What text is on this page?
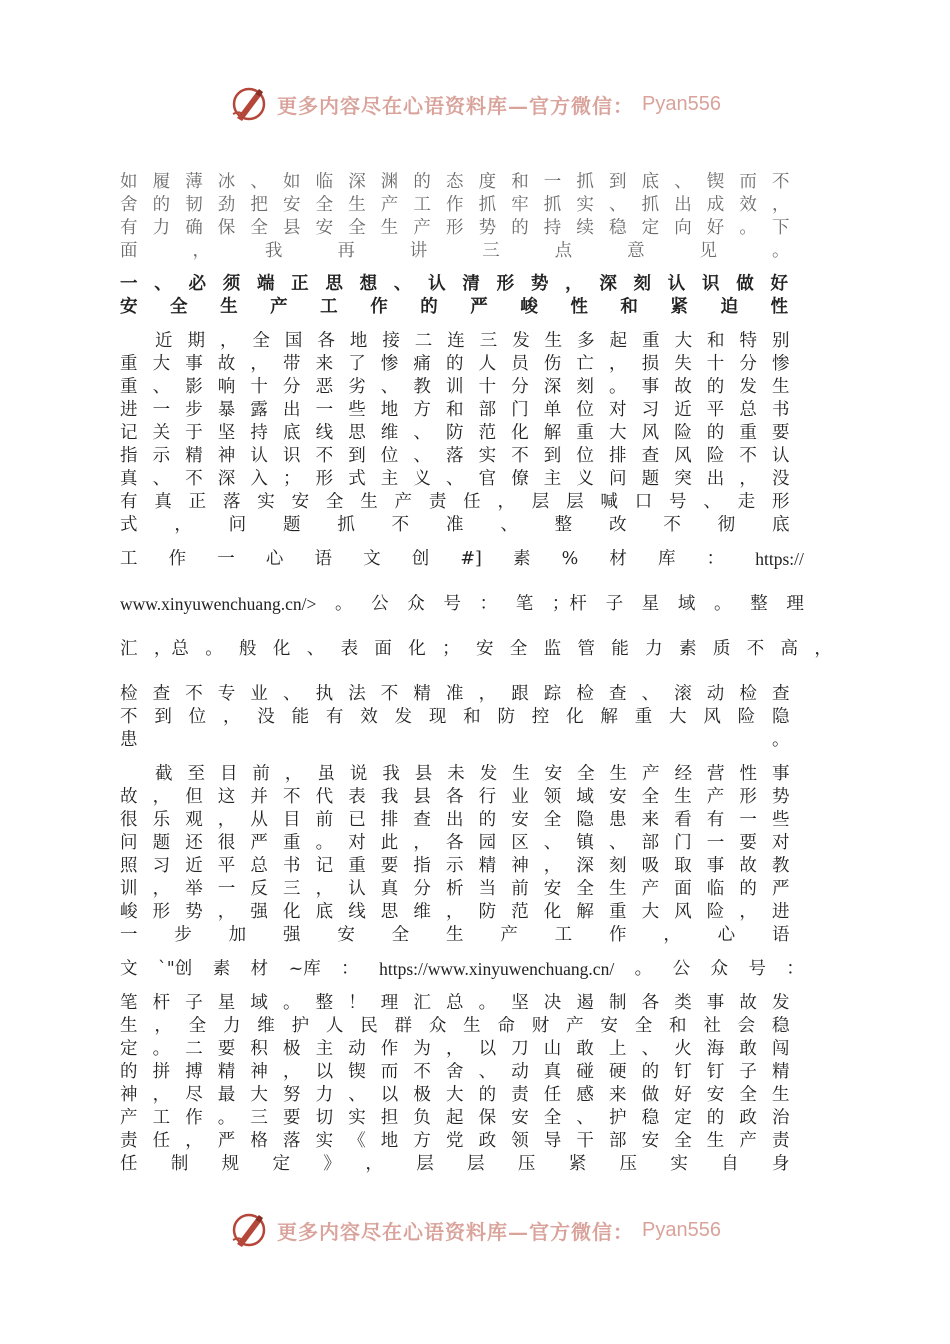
更多内容尽在心语资料库—官方微信： Pyan556

如履薄冰、如临深渊的态度和一抓到底、锲而不舍的韧劲把安全生产工作抓牢抓实、抓出成效，有力确保全县安全生产形势的持续稳定向好。下面，我再讲三点意见。

一、必须端正思想、认清形势，深刻认识做好安全生产工作的严峻性和紧迫性

近期，全国各地接二连三发生多起重大和特别重大事故，带来了惨痛的人员伤亡，损失十分惨重、影响十分恶劣、教训十分深刻。事故的发生进一步暴露出一些地方和部门单位对习近平总书记关于坚持底线思维、防范化解重大风险的重要指示精神认识不到位、落实不到位排查风险不认真、不深入；形式主义、官僚主义问题突出，没有真正落实安全生产责任，层层喊口号、走形式，问题抓不准、整改不彻底

工 作 一 心 语 文 创 #] 素 % 材 库 ： https://
www.xinyuwenchuang.cn/> 。 公 众 号 ： 笔 ；杆 子 星 域 。 整 理
汇 ，总 。 般 化 、 表 面 化 ； 安 全 监 管 能 力 素 质 不 高 ，

检查不专业、执法不精准，跟踪检查、滚动检查不到位，没能有效发现和防控化解重大风险隐患。

截至目前，虽说我县未发生安全生产经营性事故，但这并不代表我县各行业领域安全生产形势很乐观，从目前已排查出的安全隐患来看有一些问题还很严重。对此，各园区、镇、部门一要对照习近平总书记重要指示精神，深刻吸取事故教训，举一反三，认真分析当前安全生产面临的严峻形势，强化底线思维，防范化解重大风险，进一步加强安全生产工作，心语

文 `"创 素 材 ~库 ： https://www.xinyuwenchuang.cn/ 。 公 众 号 ：

笔杆子星域。整！理汇总。坚决遏制各类事故发生，全力维护人民群众生命财产安全和社会稳定。二要积极主动作为，以刀山敢上、火海敢闯的拼搏精神，以锲而不舍、动真碰硬的钉钉子精神，尽最大努力、以极大的责任感来做好安全生产工作。三要切实担负起保安全、护稳定的政治责任，严格落实《地方党政领导干部安全生产责任制规定》，层层压紧压实自身

更多内容尽在心语资料库—官方微信： Pyan556
